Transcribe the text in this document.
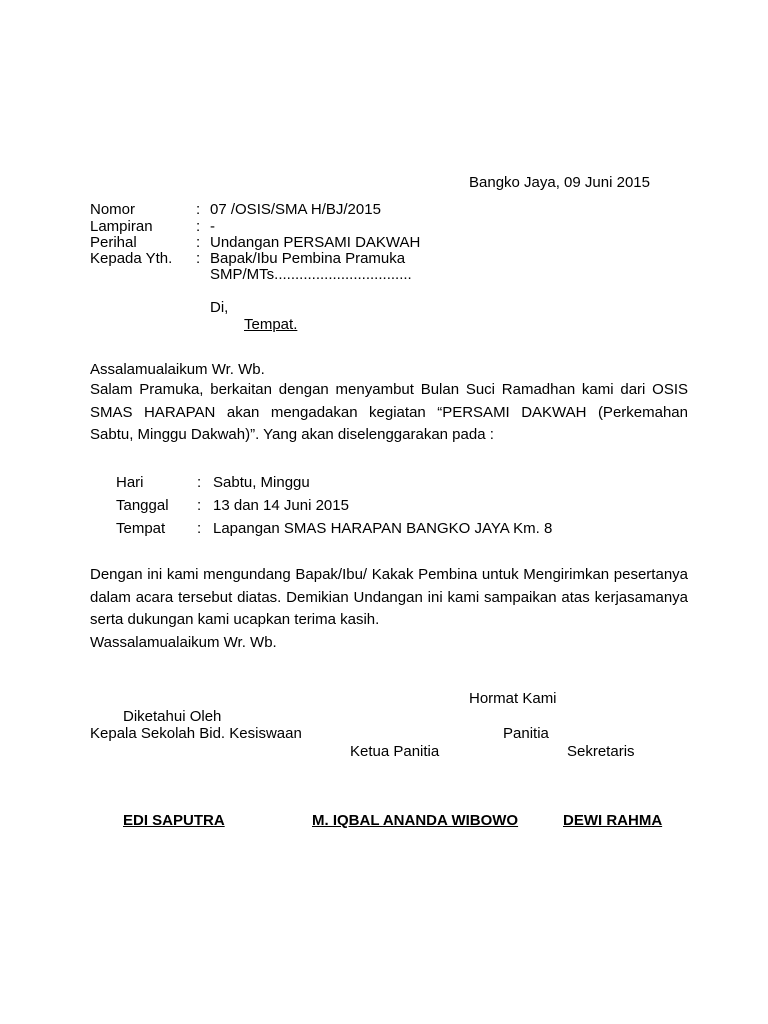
Bangko Jaya, 09 Juni 2015
Nomor	: 07 /OSIS/SMA H/BJ/2015
Lampiran	: -
Perihal	: Undangan PERSAMI DAKWAH
Kepada Yth. : Bapak/Ibu Pembina Pramuka
SMP/MTs.................................
Di,
Tempat.
Assalamualaikum Wr. Wb.
Salam Pramuka, berkaitan dengan menyambut Bulan Suci Ramadhan kami dari OSIS
SMAS HARAPAN akan mengadakan kegiatan “PERSAMI DAKWAH (Perkemahan
Sabtu, Minggu Dakwah)”. Yang akan diselenggarakan pada :
Hari	: Sabtu, Minggu
Tanggal : 13 dan 14 Juni 2015
Tempat : Lapangan SMAS HARAPAN BANGKO JAYA Km. 8
Dengan ini kami mengundang Bapak/Ibu/ Kakak Pembina untuk Mengirimkan pesertanya
dalam acara tersebut diatas. Demikian Undangan ini kami sampaikan atas kerjasamanya
serta dukungan kami ucapkan terima kasih.
Wassalamualaikum Wr. Wb.
Hormat Kami
Diketahui Oleh
Kepala Sekolah Bid. Kesiswaan	Panitia
Ketua Panitia	Sekretaris
EDI SAPUTRA	M. IQBAL ANANDA WIBOWO	DEWI RAHMA
